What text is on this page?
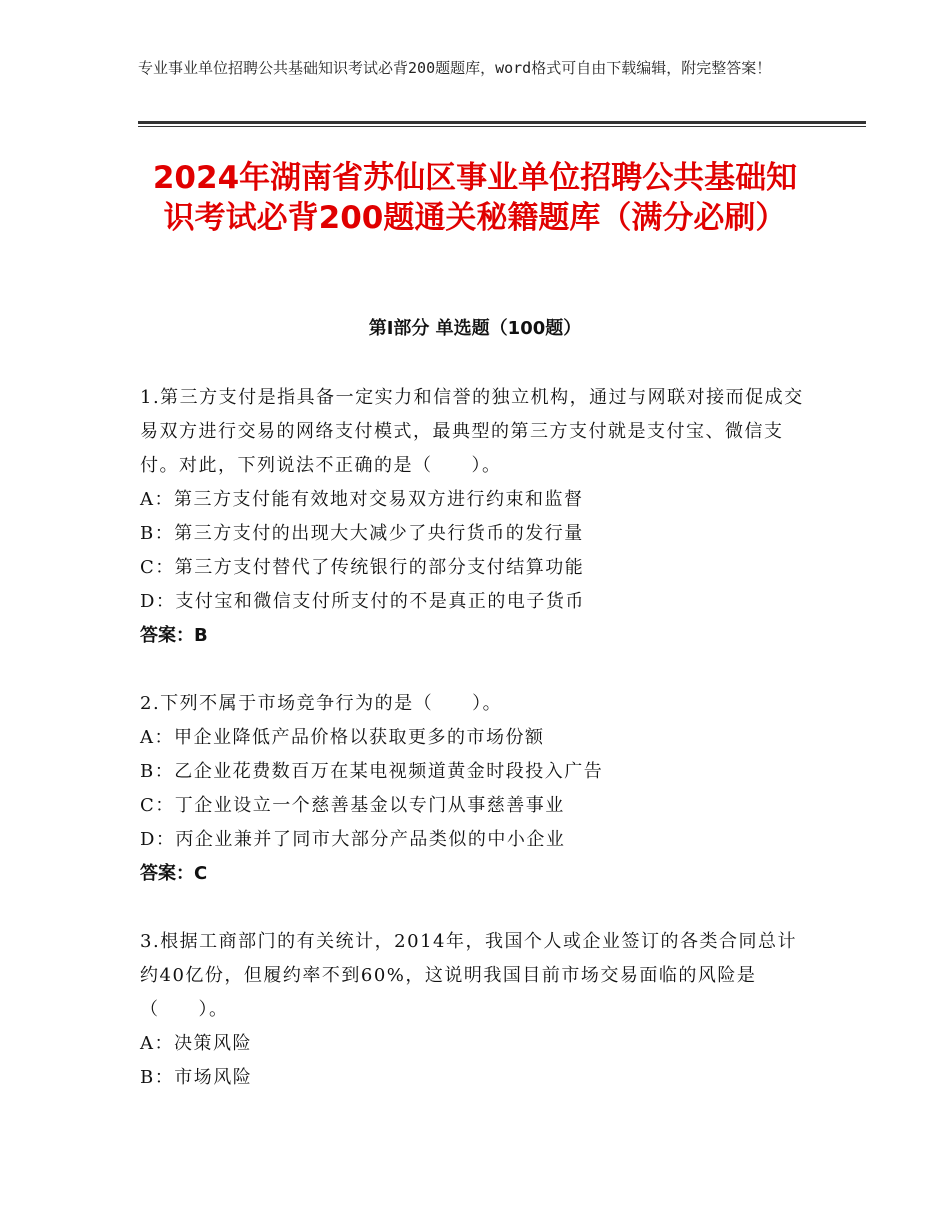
专业事业单位招聘公共基础知识考试必背200题题库，word格式可自由下载编辑，附完整答案！
2024年湖南省苏仙区事业单位招聘公共基础知识考试必背200题通关秘籍题库（满分必刷）
第Ⅰ部分 单选题（100题）

1.第三方支付是指具备一定实力和信誉的独立机构，通过与网联对接而促成交易双方进行交易的网络支付模式，最典型的第三方支付就是支付宝、微信支付。对此，下列说法不正确的是（　　）。

A：第三方支付能有效地对交易双方进行约束和监督

B：第三方支付的出现大大减少了央行货币的发行量

C：第三方支付替代了传统银行的部分支付结算功能

D：支付宝和微信支付所支付的不是真正的电子货币

答案：B

2.下列不属于市场竞争行为的是（　　）。

A：甲企业降低产品价格以获取更多的市场份额

B：乙企业花费数百万在某电视频道黄金时段投入广告

C：丁企业设立一个慈善基金以专门从事慈善事业

D：丙企业兼并了同市大部分产品类似的中小企业

答案：C

3.根据工商部门的有关统计，2014年，我国个人或企业签订的各类合同总计约40亿份，但履约率不到60%，这说明我国目前市场交易面临的风险是（　　）。

A：决策风险

B：市场风险
